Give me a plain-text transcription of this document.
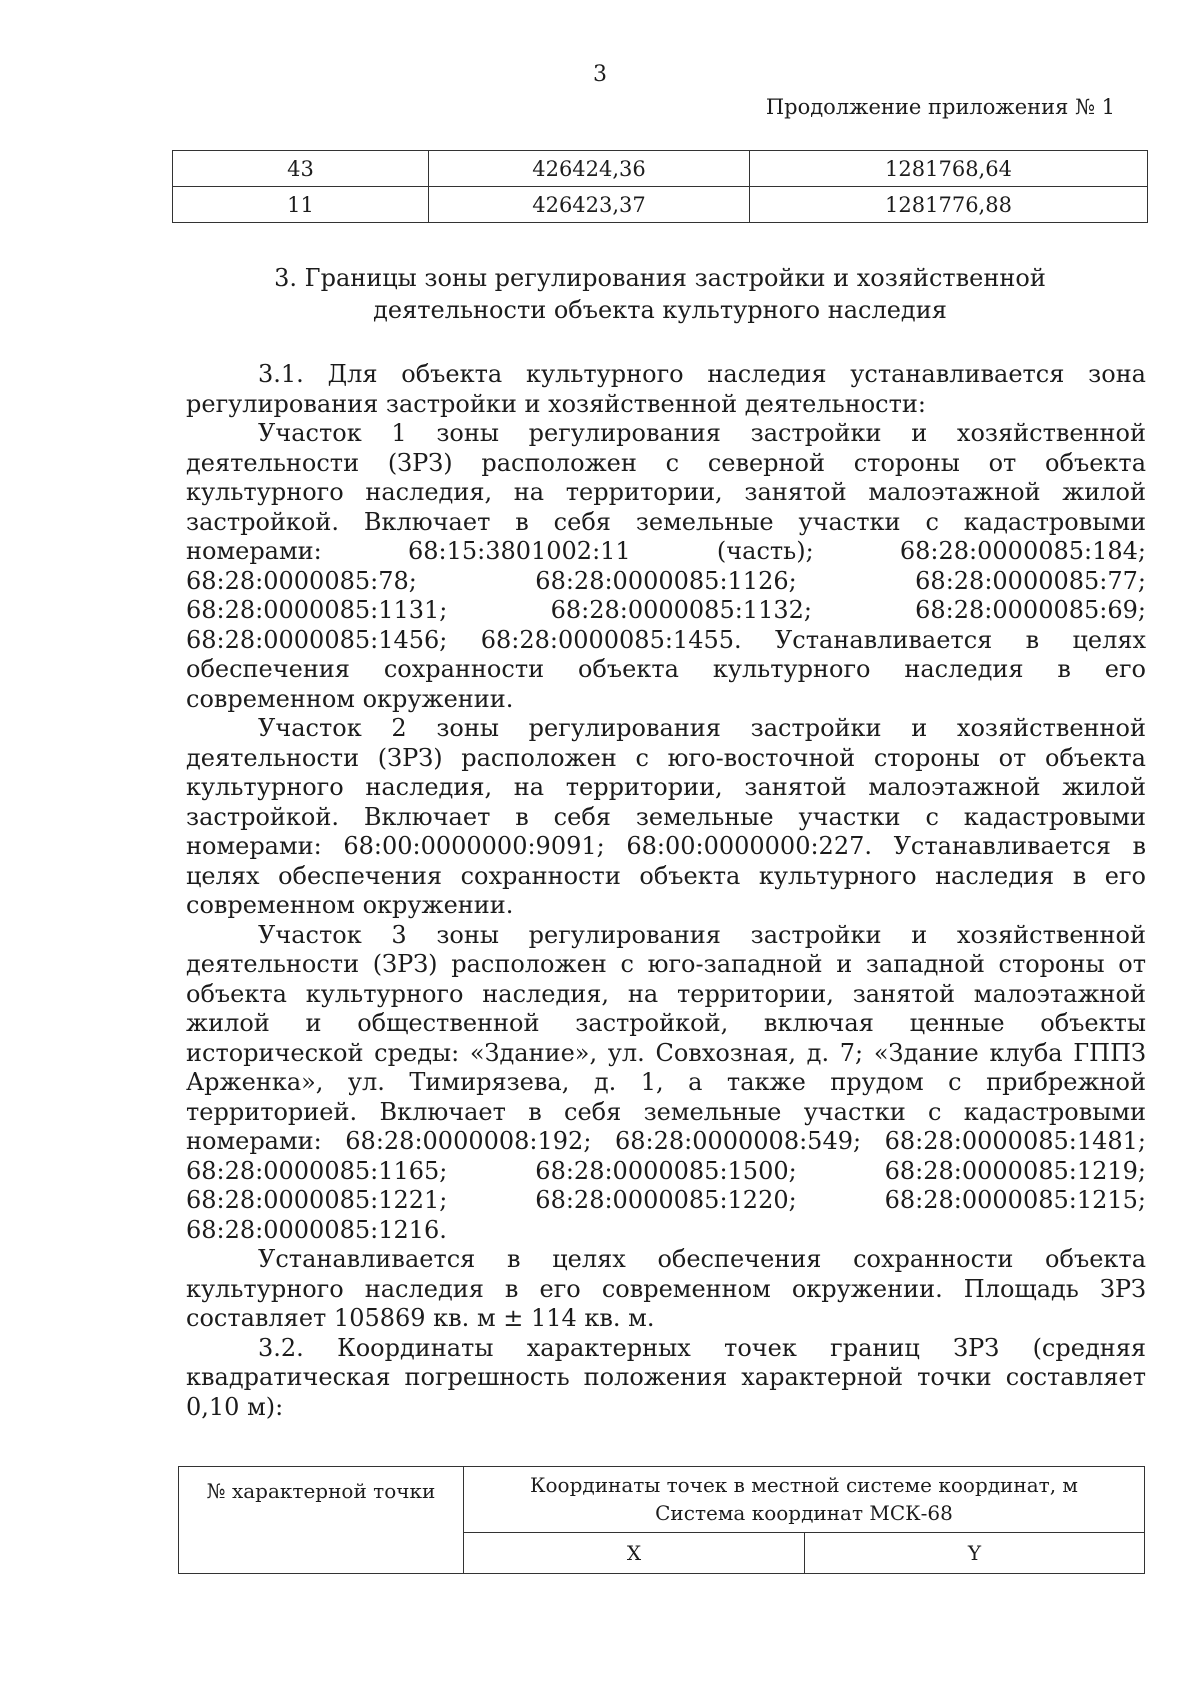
3
Продолжение приложения № 1
43	426424,36	1281768,64
11	426423,37	1281776,88
3. Границы зоны регулирования застройки и хозяйственной
деятельности объекта культурного наследия

3.1. Для объекта культурного наследия устанавливается зона регулирования застройки и хозяйственной деятельности:

Участок 1 зоны регулирования застройки и хозяйственной деятельности (ЗРЗ) расположен с северной стороны от объекта культурного наследия, на территории, занятой малоэтажной жилой застройкой. Включает в себя земельные участки с кадастровыми номерами: 68:15:3801002:11 (часть); 68:28:0000085:184; 68:28:0000085:78; 68:28:0000085:1126; 68:28:0000085:77; 68:28:0000085:1131; 68:28:0000085:1132; 68:28:0000085:69; 68:28:0000085:1456; 68:28:0000085:1455. Устанавливается в целях обеспечения сохранности объекта культурного наследия в его современном окружении.

Участок 2 зоны регулирования застройки и хозяйственной деятельности (ЗРЗ) расположен с юго-восточной стороны от объекта культурного наследия, на территории, занятой малоэтажной жилой застройкой. Включает в себя земельные участки с кадастровыми номерами: 68:00:0000000:9091; 68:00:0000000:227. Устанавливается в целях обеспечения сохранности объекта культурного наследия в его современном окружении.

Участок 3 зоны регулирования застройки и хозяйственной деятельности (ЗРЗ) расположен с юго-западной и западной стороны от объекта культурного наследия, на территории, занятой малоэтажной жилой и общественной застройкой, включая ценные объекты исторической среды: «Здание», ул. Совхозная, д. 7; «Здание клуба ГППЗ Арженка», ул. Тимирязева, д. 1, а также прудом с прибрежной территорией. Включает в себя земельные участки с кадастровыми номерами: 68:28:0000008:192; 68:28:0000008:549; 68:28:0000085:1481; 68:28:0000085:1165; 68:28:0000085:1500; 68:28:0000085:1219; 68:28:0000085:1221; 68:28:0000085:1220; 68:28:0000085:1215; 68:28:0000085:1216.

Устанавливается в целях обеспечения сохранности объекта культурного наследия в его современном окружении. Площадь ЗРЗ составляет 105869 кв. м ± 114 кв. м.

3.2. Координаты характерных точек границ ЗРЗ (средняя квадратическая погрешность положения характерной точки составляет 0,10 м):

№ характерной точки	Координаты точек в местной системе координат, м
Система координат МСК-68	

	X	Y
